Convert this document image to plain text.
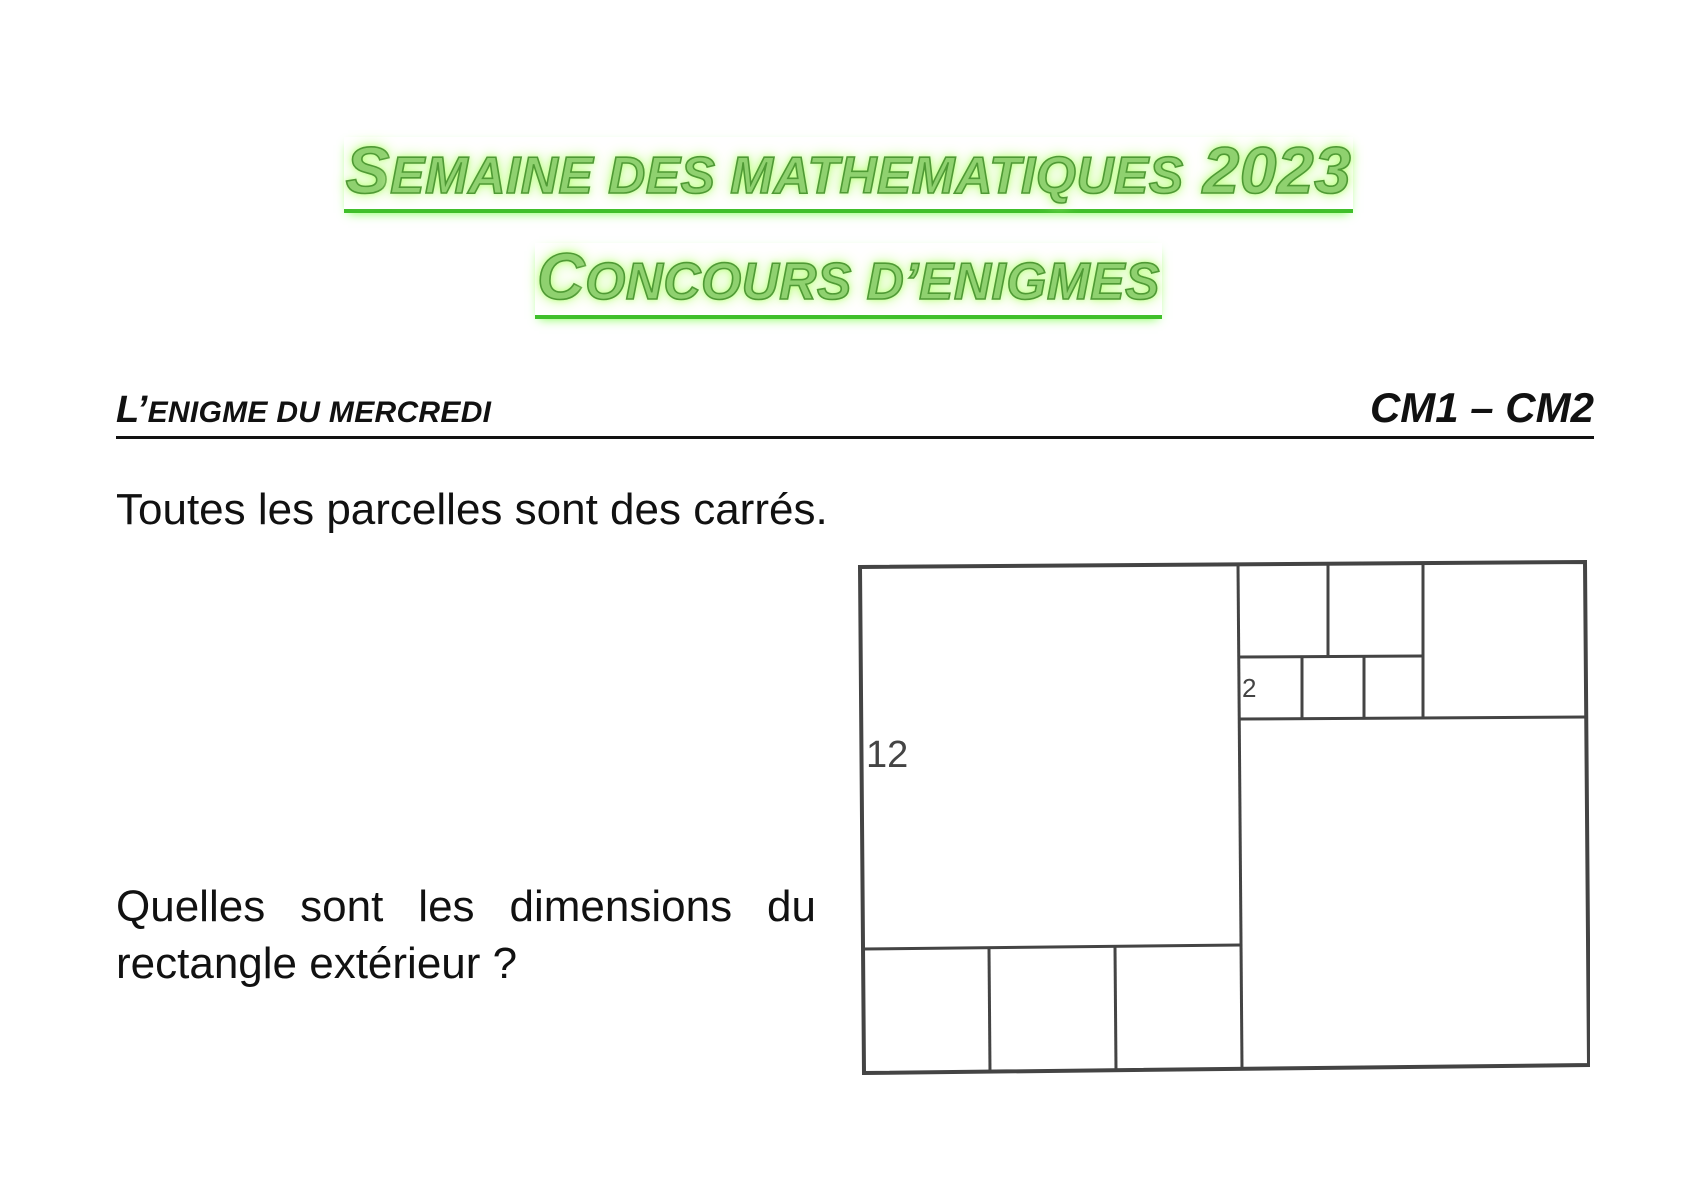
SEMAINE DES MATHEMATIQUES 2023
CONCOURS D’ENIGMES
L’ENIGME DU MERCREDI	CM1 – CM2
Toutes les parcelles sont des carrés.
Quelles sont les dimensions du rectangle extérieur ?
12
2
